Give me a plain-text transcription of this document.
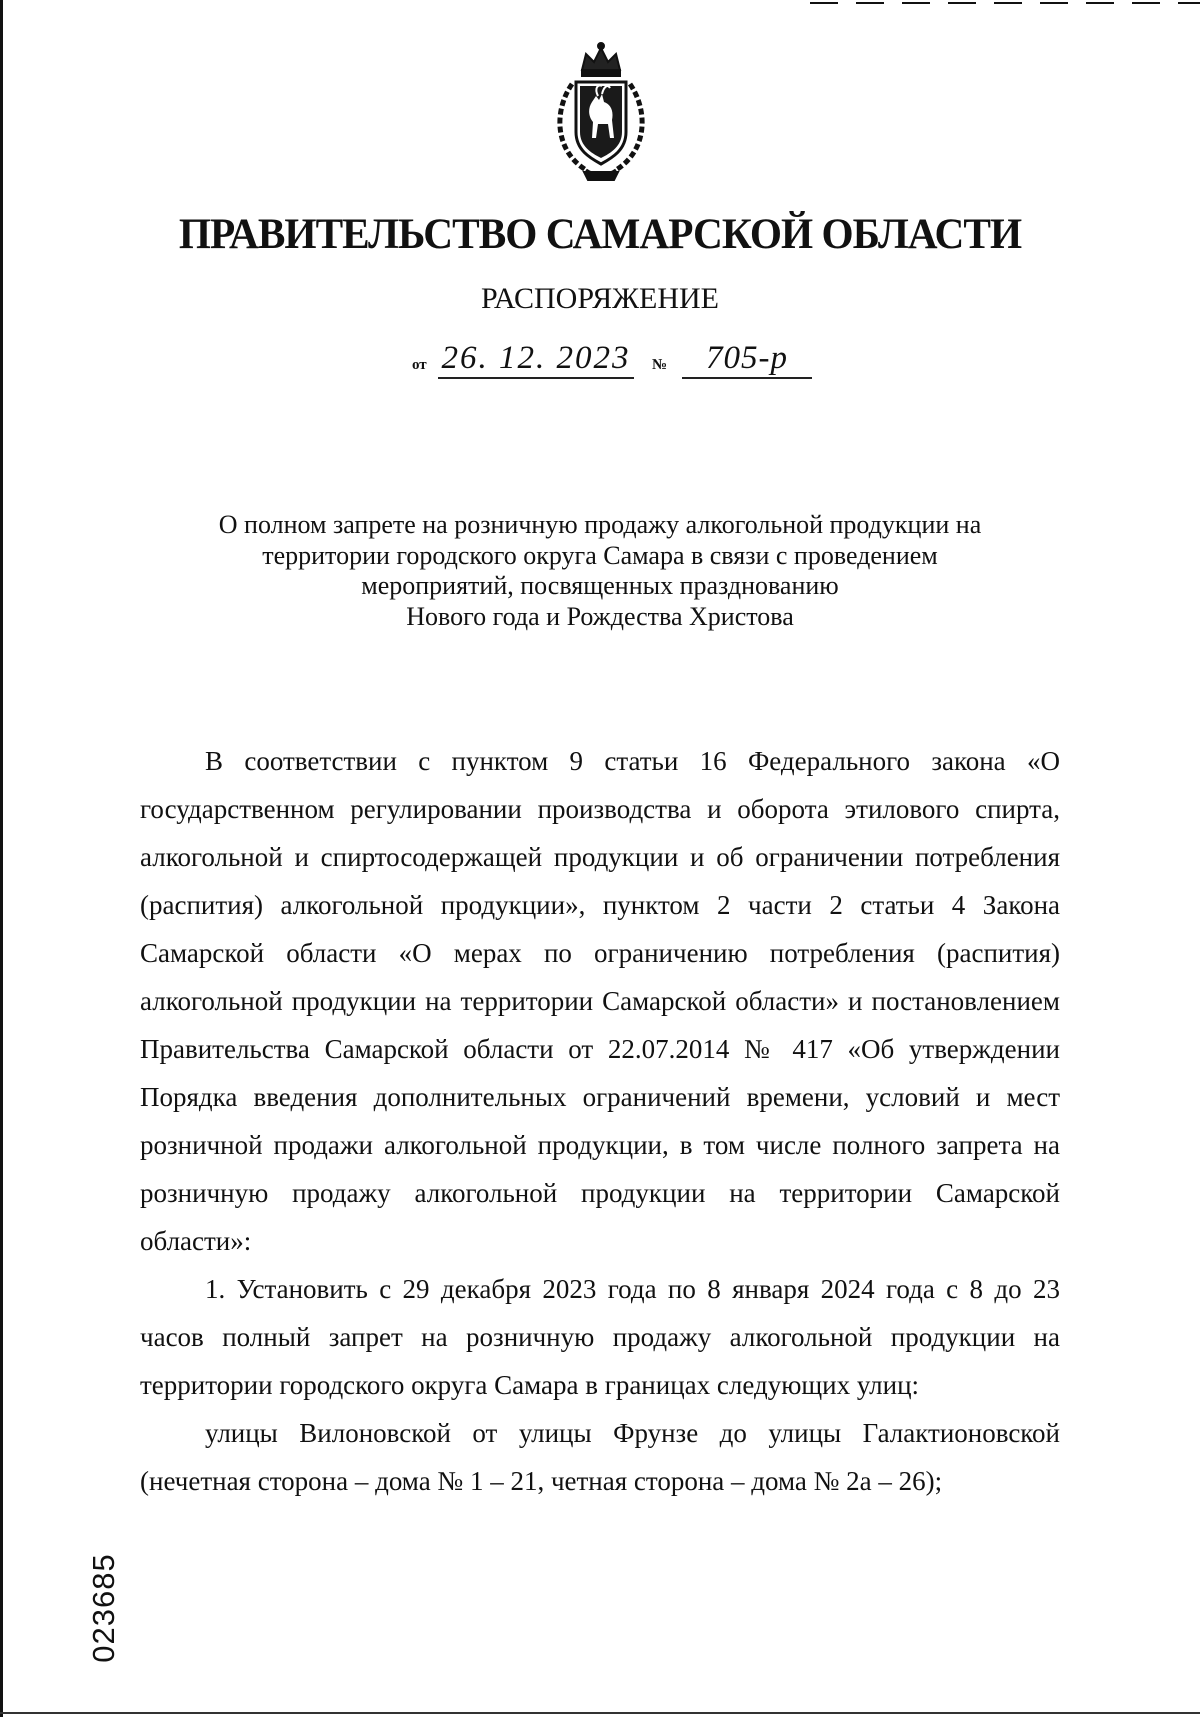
ПРАВИТЕЛЬСТВО САМАРСКОЙ ОБЛАСТИ
РАСПОРЯЖЕНИЕ
от 26. 12. 2023 №	705-р
О полном запрете на розничную продажу алкогольной продукции на
территории городского округа Самара в связи с проведением
мероприятий, посвященных празднованию
Нового года и Рождества Христова

В соответствии с пунктом 9 статьи 16 Федерального закона «О государственном регулировании производства и оборота этилового спирта, алкогольной и спиртосодержащей продукции и об ограничении потребления (распития) алкогольной продукции», пунктом 2 части 2 статьи 4 Закона Самарской области «О мерах по ограничению потребления (распития) алкогольной продукции на территории Самарской области» и постановлением Правительства Самарской области от 22.07.2014 № 417 «Об утверждении Порядка введения дополнительных ограничений времени, условий и мест розничной продажи алкогольной продукции, в том числе полного запрета на розничную продажу алкогольной продукции на территории Самарской области»:

1. Установить с 29 декабря 2023 года по 8 января 2024 года с 8 до 23 часов полный запрет на розничную продажу алкогольной продукции на территории городского округа Самара в границах следующих улиц:

улицы Вилоновской от улицы Фрунзе до улицы Галактионовской (нечетная сторона – дома № 1 – 21, четная сторона – дома № 2а – 26);

023685
